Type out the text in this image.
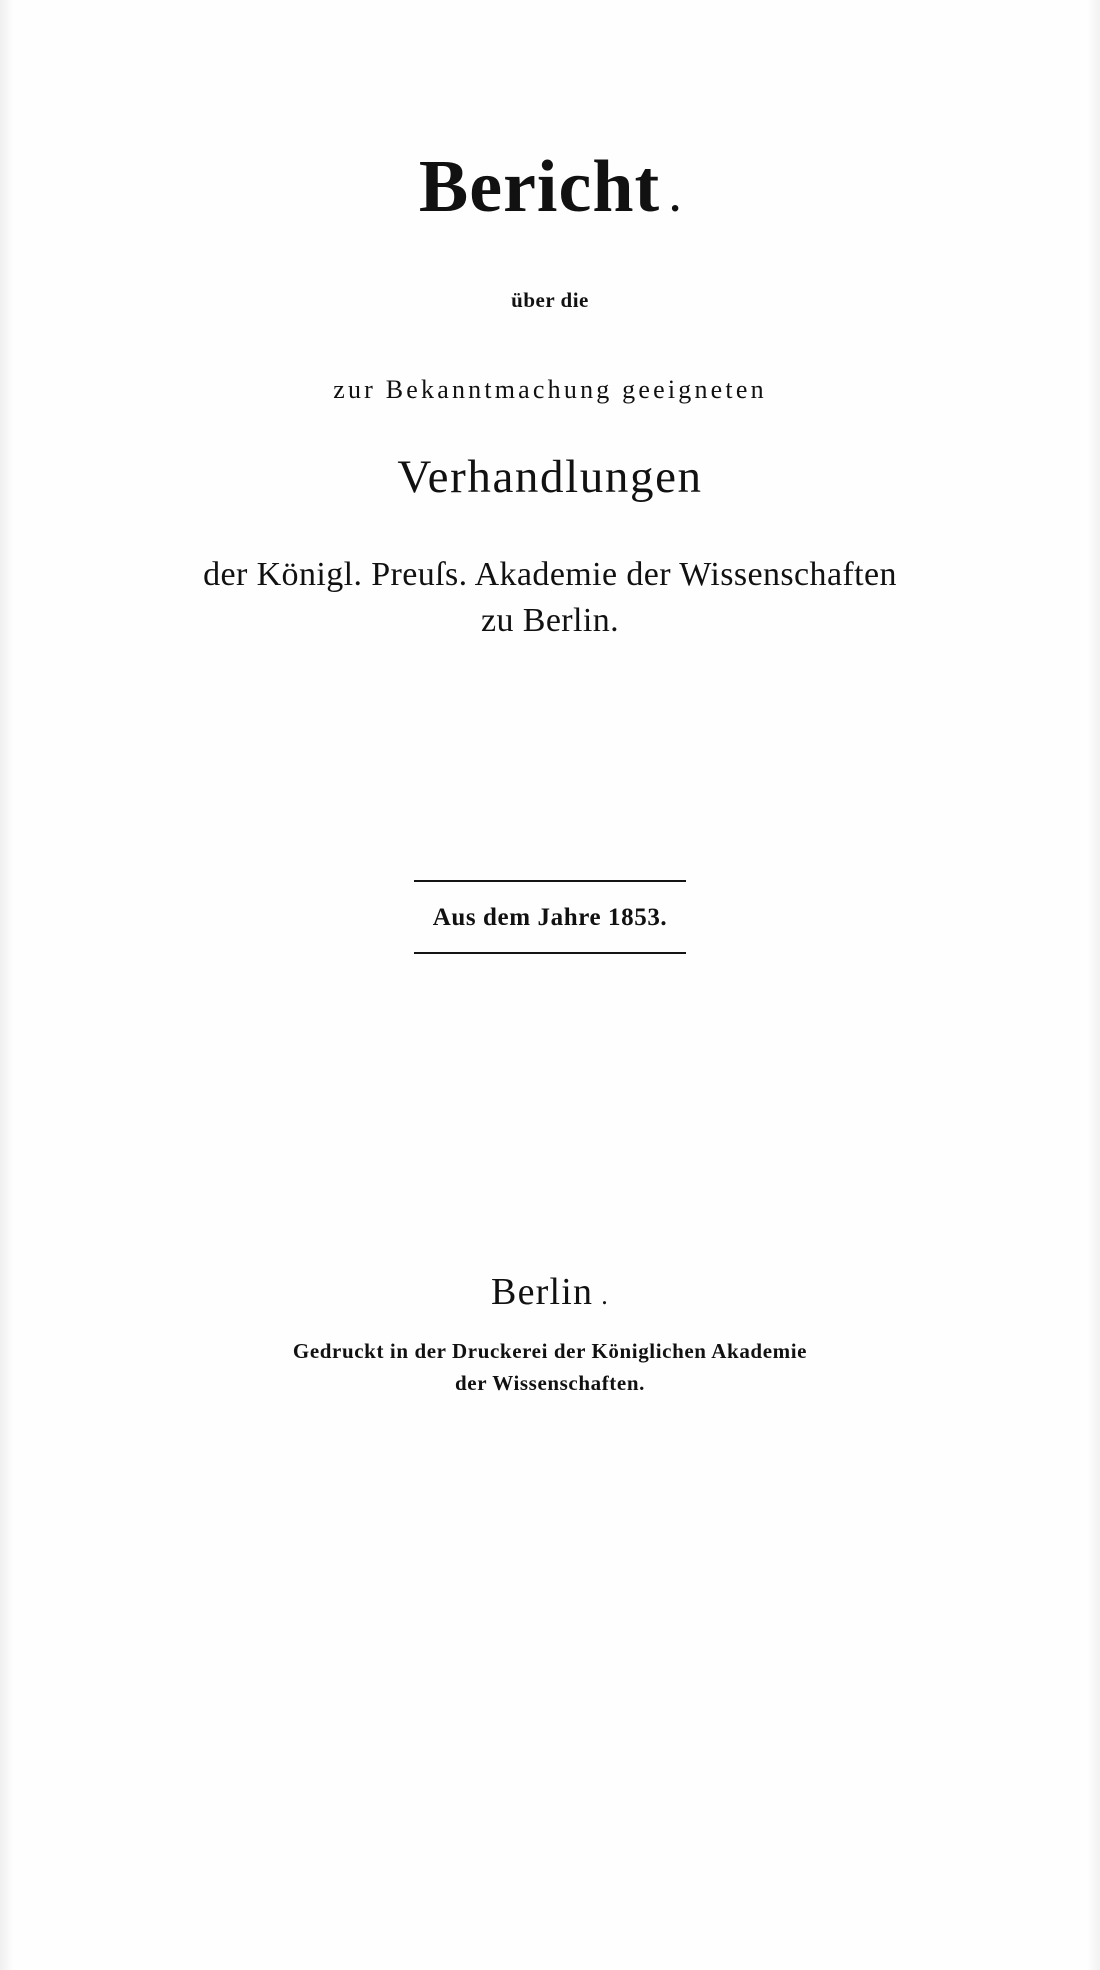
Bericht .
über die
zur Bekanntmachung geeigneten
Verhandlungen
der Königl. Preuſs. Akademie der Wissenschaften
zu Berlin.
Aus dem Jahre 1853.
Berlin .
Gedruckt in der Druckerei der Königlichen Akademie
der Wissenschaften.
